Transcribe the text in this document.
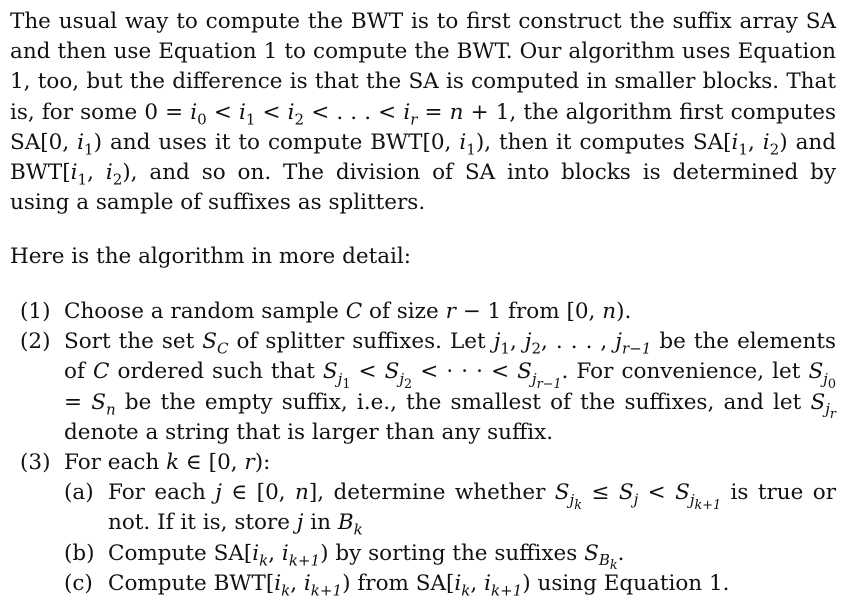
The usual way to compute the BWT is to first construct the suffix array SA and then use Equation 1 to compute the BWT. Our algorithm uses Equation 1, too, but the difference is that the SA is computed in smaller blocks. That is, for some $0 = i_0 < i_1 < i_2$ < . . . < $i_r = n + 1$, the algorithm first computes SA[0, $i_1$) and uses it to compute BWT[0, $i_1$), then it computes $SA[i_1$, $i_2$) and $BWT[i_1$, $i_2$), and so on. The division of SA into blocks is determined by using a sample of suffixes as splitters.
Here is the algorithm in more detail:
(1) Choose a random sample C of size r − 1 from [0, n).
(2) Sort the set $S_C$ of splitter suffixes. Let $j_1$, $j_2$, . . . , $j_{r-1}$ be the elements of C ordered such that $S_{j_1} < S_{j_2}$ < · · · < $S_{j_{r-1}}$. For convenience, let $S_{j_0} = S_n$ be the empty suffix, i.e., the smallest of the suffixes, and let $S_{j_r}$ denote a string that is larger than any suffix.
(3) For each k ∈ [0, r):
(a) For each j ∈ [0, n], determine whether $S_{j_k} \le S_j < S_{j_{k+1}}$ is true or not. If it is, store j in $B_k$
(b) Compute $SA[i_k$, $i_{k+1}$) by sorting the suffixes $S_{B_k}$.
(c) Compute $BWT[i_k$, $i_{k+1}$) from $SA[i_k$, $i_{k+1}$) using Equation 1.
